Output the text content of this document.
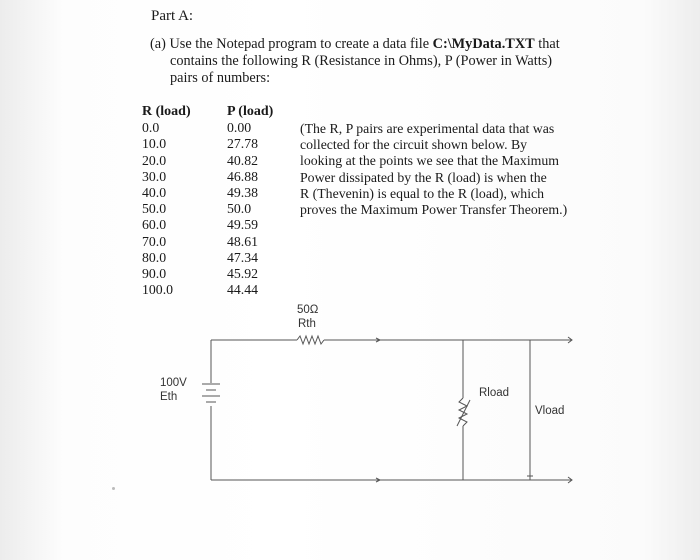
Part A:
(a) Use the Notepad program to create a data file C:\MyData.TXT that
contains the following R (Resistance in Ohms), P (Power in Watts)
pairs of numbers:
R (load)
0.0
10.0
20.0
30.0
40.0
50.0
60.0
70.0
80.0
90.0
100.0
P (load)
0.00
27.78
40.82
46.88
49.38
50.0
49.59
48.61
47.34
45.92
44.44
(The R, P pairs are experimental data that was
collected for the circuit shown below. By
looking at the points we see that the Maximum
Power dissipated by the R (load) is when the
R (Thevenin) is equal to the R (load), which
proves the Maximum Power Transfer Theorem.)
50Ω
Rth
100V
Eth	Rload
Vload
